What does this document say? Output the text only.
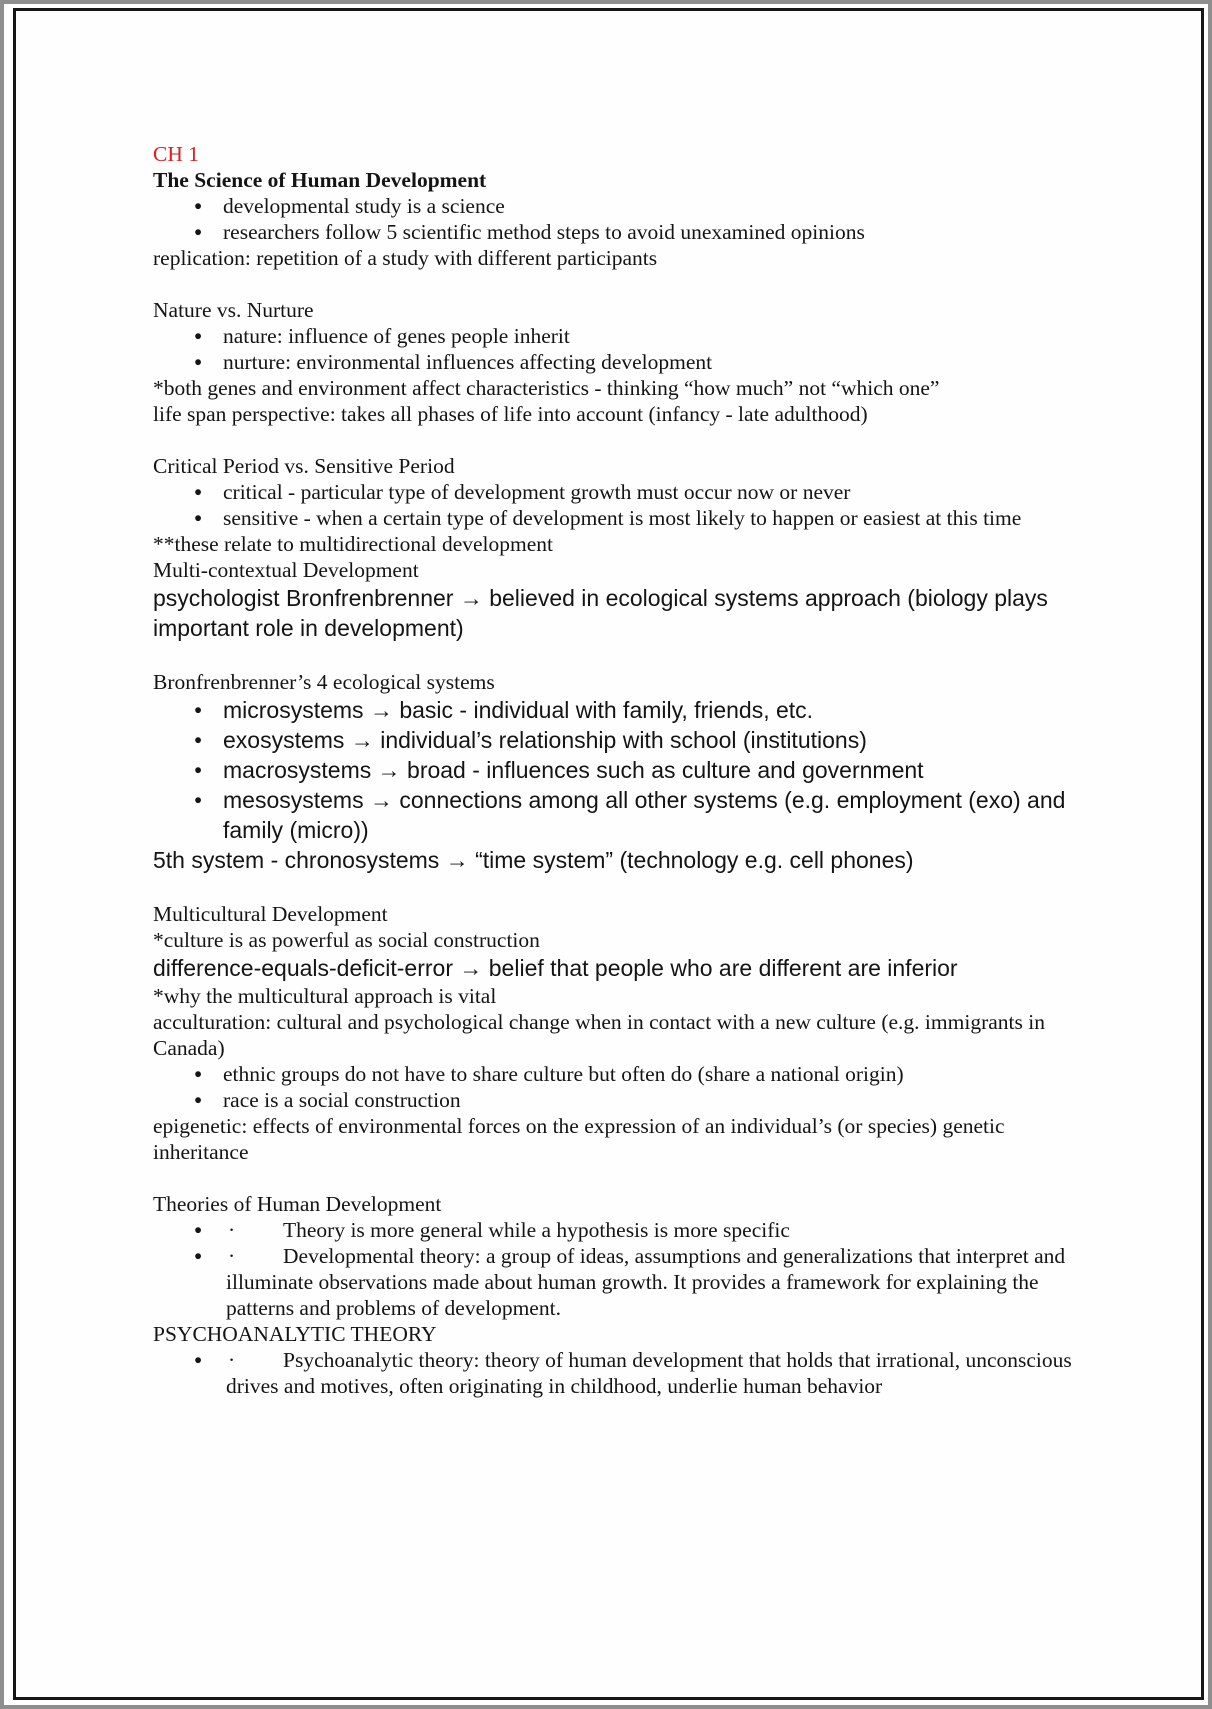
CH 1

The Science of Human Development

● developmental study is a science
● researchers follow 5 scientific method steps to avoid unexamined opinions

replication: repetition of a study with different participants

Nature vs. Nurture

● nature: influence of genes people inherit
● nurture: environmental influences affecting development

*both genes and environment affect characteristics - thinking “how much” not “which one”

life span perspective: takes all phases of life into account (infancy - late adulthood)

Critical Period vs. Sensitive Period

● critical - particular type of development growth must occur now or never
● sensitive - when a certain type of development is most likely to happen or easiest at this time

**these relate to multidirectional development

Multi-contextual Development

psychologist Bronfrenbrenner → believed in ecological systems approach (biology plays important role in development)

Bronfrenbrenner’s 4 ecological systems

● microsystems → basic - individual with family, friends, etc.
● exosystems → individual’s relationship with school (institutions)
● macrosystems → broad - influences such as culture and government
● mesosystems → connections among all other systems (e.g. employment (exo) and family (micro))

5th system - chronosystems → “time system” (technology e.g. cell phones)

Multicultural Development

*culture is as powerful as social construction

difference-equals-deficit-error → belief that people who are different are inferior

*why the multicultural approach is vital

acculturation: cultural and psychological change when in contact with a new culture (e.g. immigrants in Canada)

● ethnic groups do not have to share culture but often do (share a national origin)
● race is a social construction

epigenetic: effects of environmental forces on the expression of an individual’s (or species) genetic inheritance

Theories of Human Development

● ·	Theory is more general while a hypothesis is more specific
● ·	Developmental theory: a group of ideas, assumptions and generalizations that interpret and illuminate observations made about human growth. It provides a framework for explaining the patterns and problems of development.

PSYCHOANALYTIC THEORY

● ·	Psychoanalytic theory: theory of human development that holds that irrational, unconscious drives and motives, often originating in childhood, underlie human behavior
